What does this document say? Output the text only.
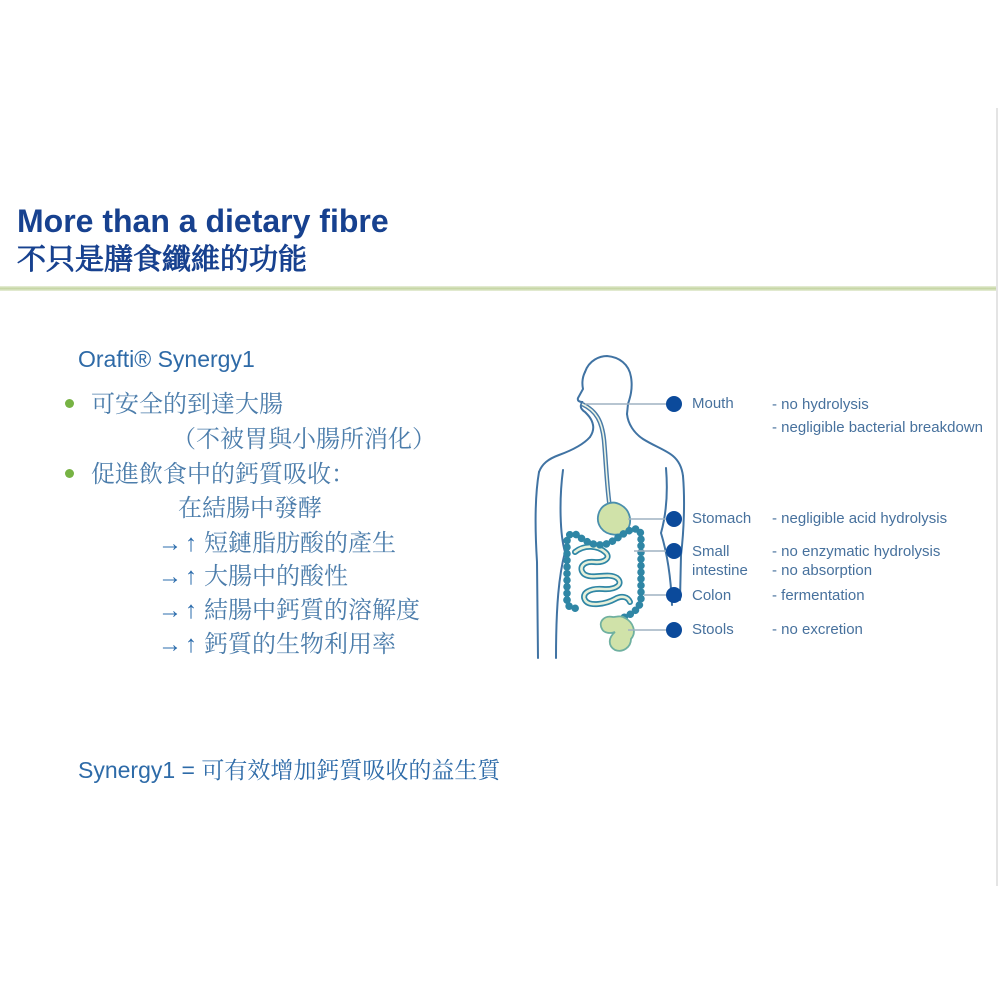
More than a dietary fibre
不只是膳食纖維的功能
Orafti® Synergy1
可安全的到達大腸
（不被胃與小腸所消化）
促進飲食中的鈣質吸收：
在結腸中發酵
→ ↑ 短鏈脂肪酸的產生
→ ↑ 大腸中的酸性
→ ↑ 結腸中鈣質的溶解度
→ ↑ 鈣質的生物利用率
Mouth
Stomach
Small
intestine
Colon
Stools
- no hydrolysis
- negligible bacterial breakdown
- negligible acid hydrolysis
- no enzymatic hydrolysis
- no absorption
- fermentation
- no excretion
Synergy1 = 可有效增加鈣質吸收的益生質
